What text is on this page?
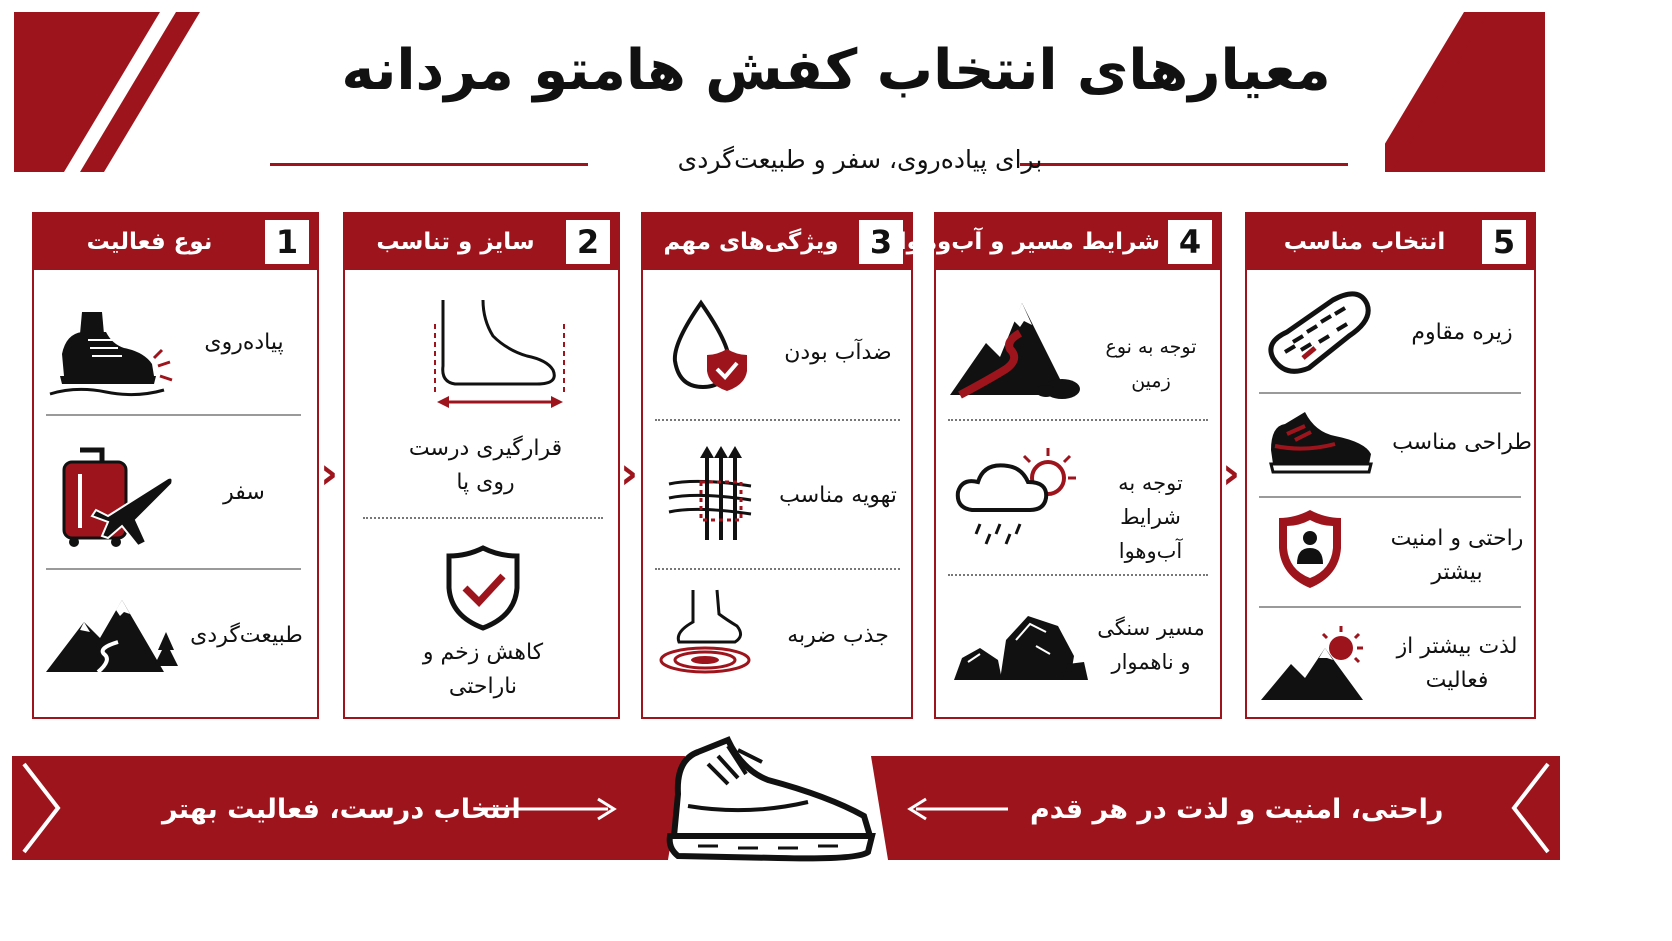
معیارهای انتخاب کفش هامتو مردانه
برای پیاده‌روی، سفر و طبیعت‌گردی
1
نوع فعالیت
پیاده‌روی
سفر
طبیعت‌گردی
›
2
سایز و تناسب
قرارگیری درست روی پا
کاهش زخم و ناراحتی
›
3
ویژگی‌های مهم
ضدآب بودن
تهویه مناسب
جذب ضربه
4
شرایط مسیر و آب‌وهوا
توجه به نوع زمین
توجه به شرایط آب‌وهوا
مسیر سنگی و ناهموار
›
5
انتخاب مناسب
زیره مقاوم
طراحی مناسب
راحتی و امنیت بیشتر
لذت بیشتر از فعالیت
انتخاب درست، فعالیت بهتر	راحتی، امنیت و لذت در هر قدم
